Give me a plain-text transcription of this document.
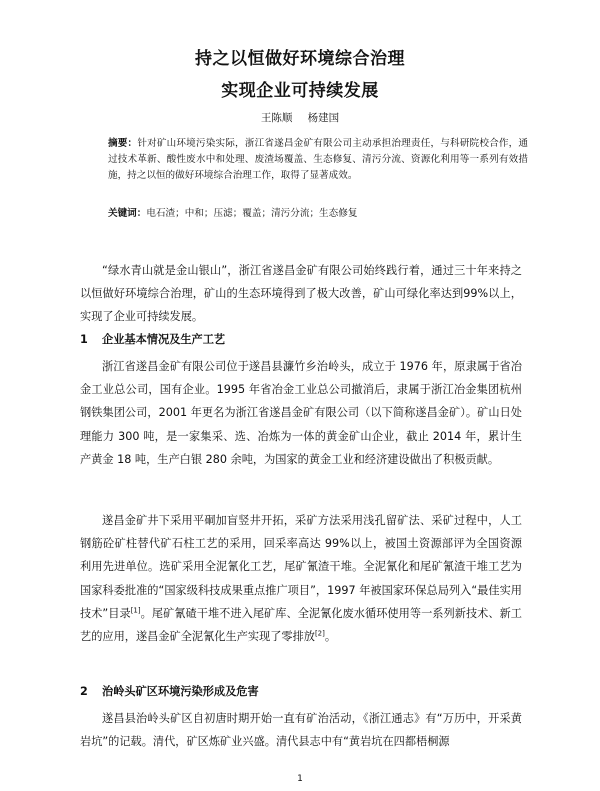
持之以恒做好环境综合治理
实现企业可持续发展
王陈顺 杨建国
摘要：针对矿山环境污染实际，浙江省遂昌金矿有限公司主动承担治理责任，与科研院校合作，通过技术革新、酸性废水中和处理、废渣场覆盖、生态修复、清污分流、资源化利用等一系列有效措施，持之以恒的做好环境综合治理工作，取得了显著成效。
关键词：电石渣；中和；压滤；覆盖；清污分流；生态修复
“绿水青山就是金山银山”，浙江省遂昌金矿有限公司始终践行着，通过三十年来持之以恒做好环境综合治理，矿山的生态环境得到了极大改善，矿山可绿化率达到99%以上，实现了企业可持续发展。
1 企业基本情况及生产工艺
浙江省遂昌金矿有限公司位于遂昌县濂竹乡治岭头，成立于 1976 年，原隶属于省冶金工业总公司，国有企业。1995 年省冶金工业总公司撤消后，隶属于浙江冶金集团杭州钢铁集团公司，2001 年更名为浙江省遂昌金矿有限公司（以下简称遂昌金矿）。矿山日处理能力 300 吨，是一家集采、选、冶炼为一体的黄金矿山企业，截止 2014 年，累计生产黄金 18 吨，生产白银 280 余吨，为国家的黄金工业和经济建设做出了积极贡献。
遂昌金矿井下采用平硐加盲竖井开拓，采矿方法采用浅孔留矿法、采矿过程中，人工钢筋砼矿柱替代矿石柱工艺的采用，回采率高达 99%以上，被国土资源部评为全国资源利用先进单位。选矿采用全泥氰化工艺，尾矿氰渣干堆。全泥氰化和尾矿氰渣干堆工艺为国家科委批准的“国家级科技成果重点推广项目”，1997 年被国家环保总局列入“最佳实用技术”目录[1]。尾矿氰碴干堆不进入尾矿库、全泥氰化废水循环使用等一系列新技术、新工艺的应用，遂昌金矿全泥氰化生产实现了零排放[2]。
2 治岭头矿区环境污染形成及危害
遂昌县治岭头矿区自初唐时期开始一直有矿治活动，《浙江通志》有“万历中，开采黄岩坑”的记载。清代，矿区炼矿业兴盛。清代县志中有“黄岩坑在四都梧桐源
1
